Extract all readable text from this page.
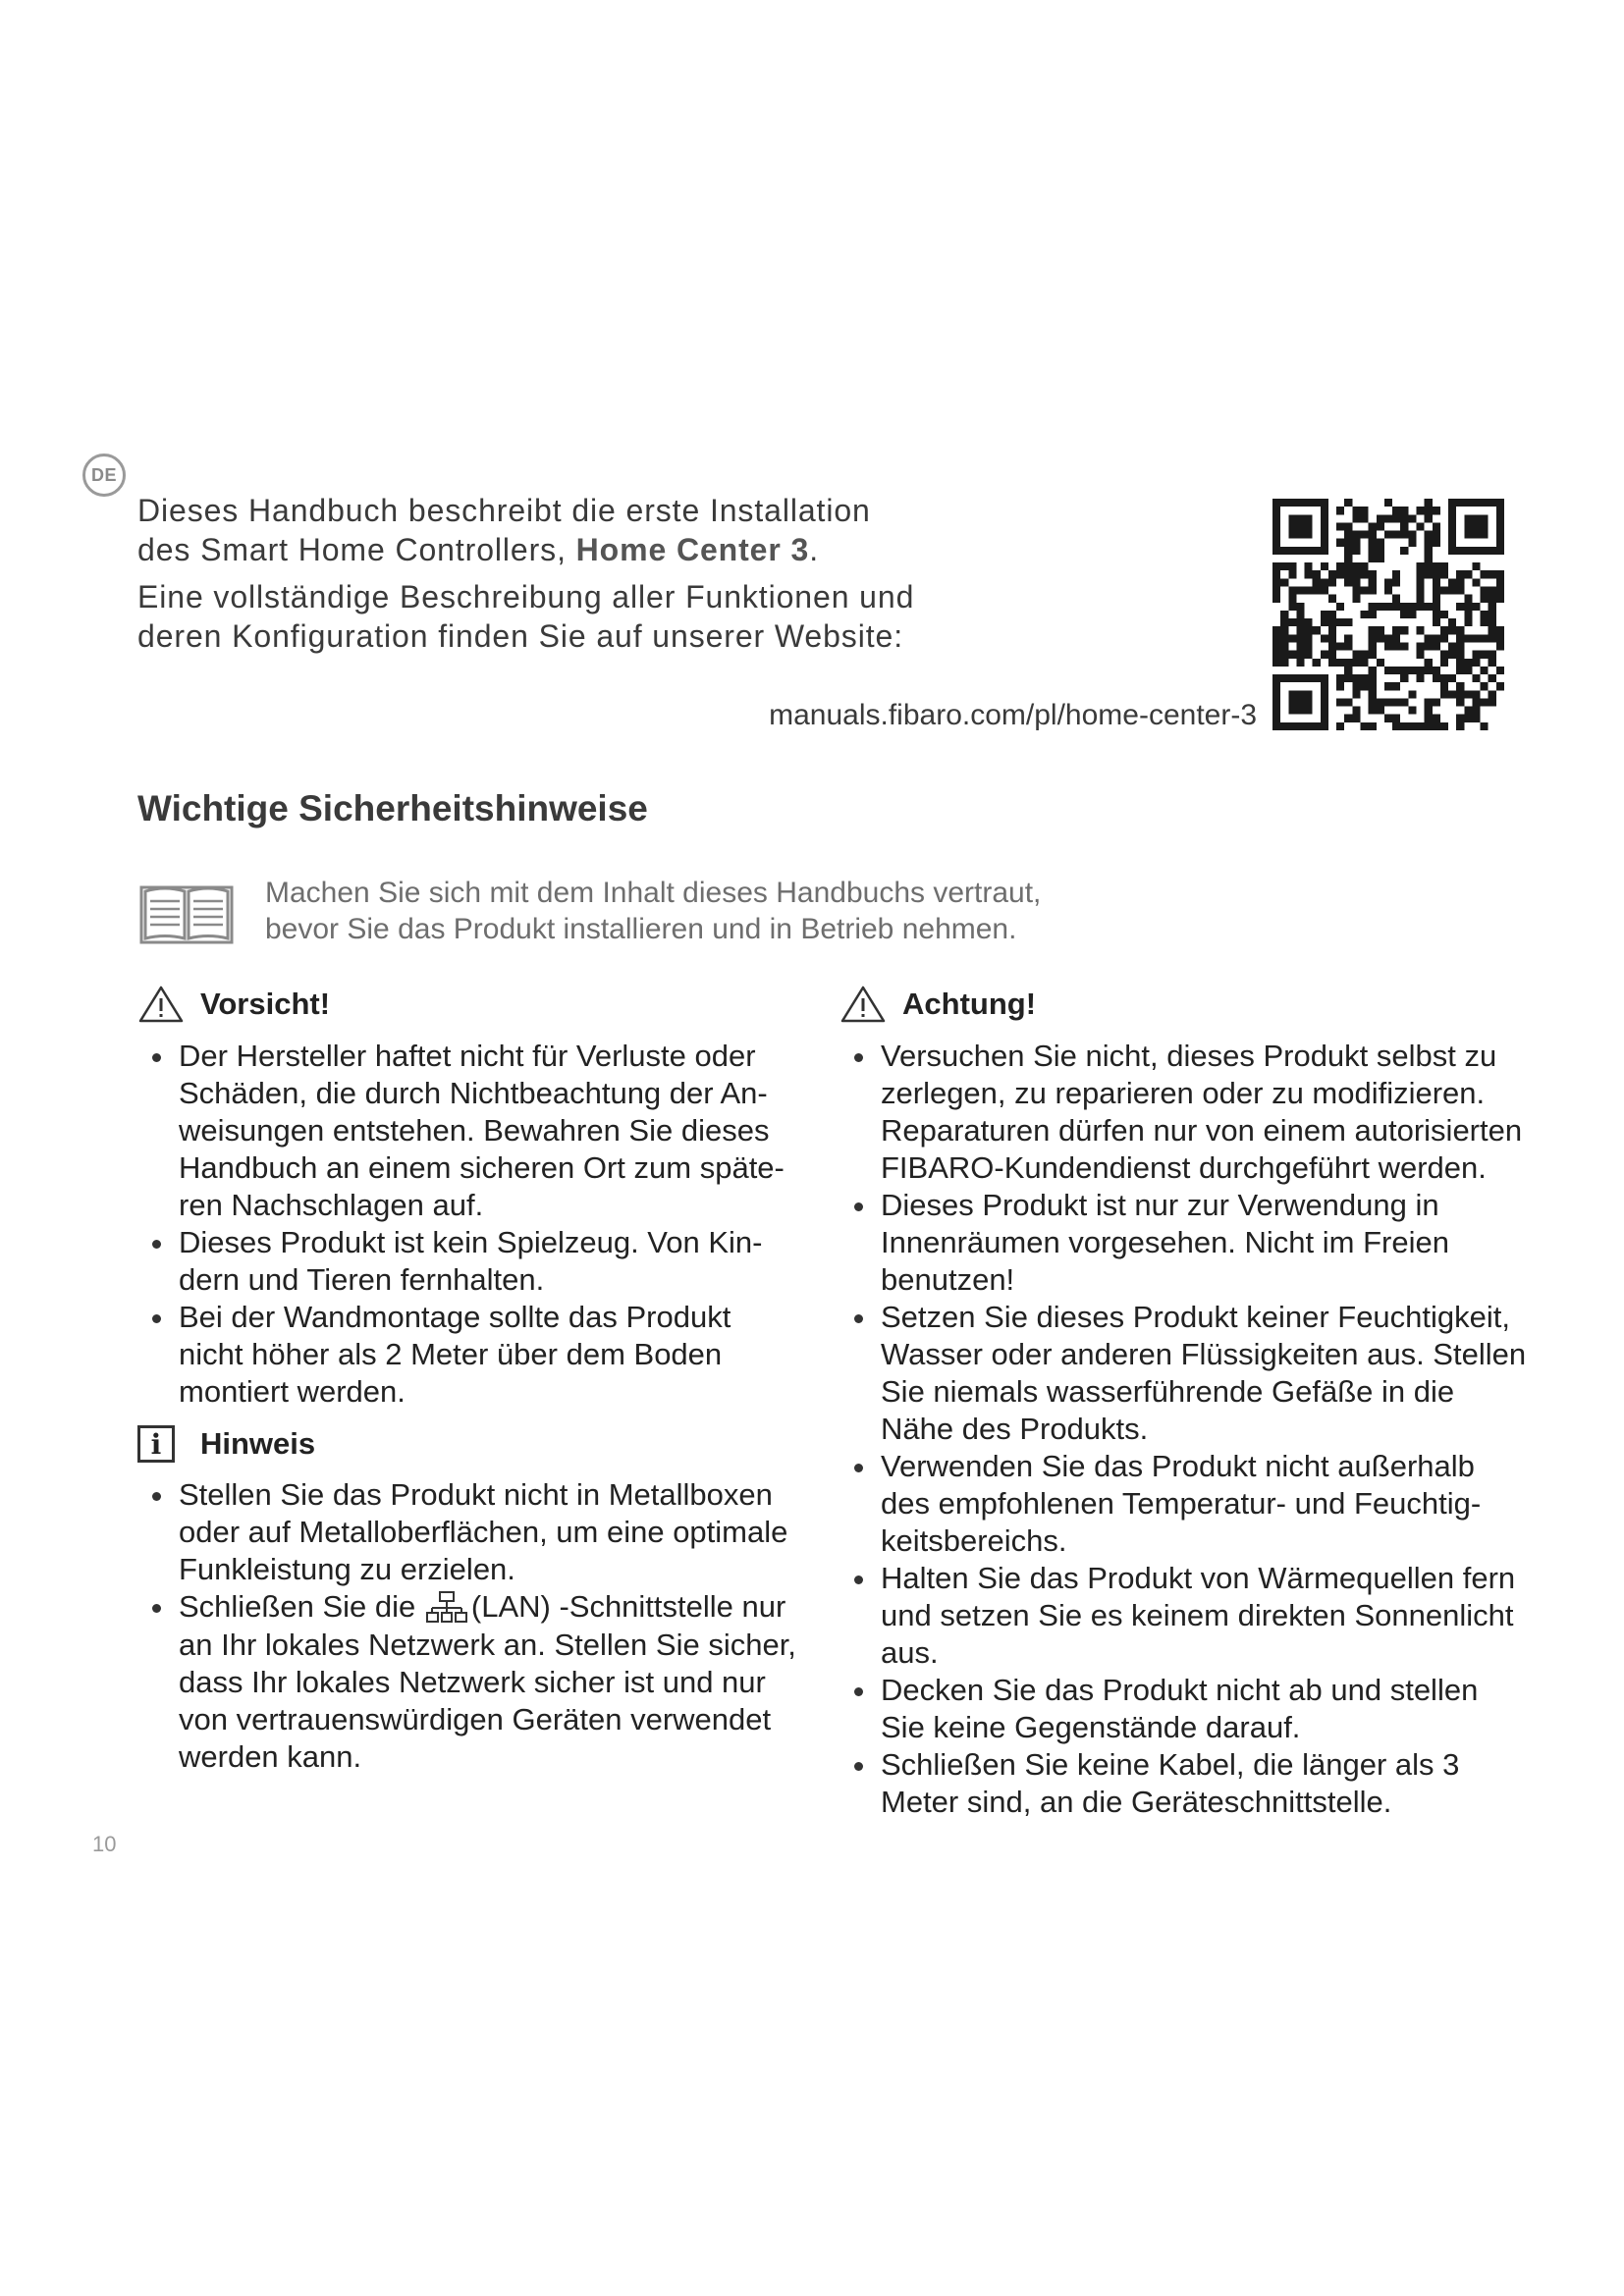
DE

Dieses Handbuch beschreibt die erste Installation
des Smart Home Controllers, Home Center 3.

Eine vollständige Beschreibung aller Funktionen und
deren Konfiguration finden Sie auf unserer Website:

manuals.fibaro.com/pl/home-center-3
Wichtige Sicherheitshinweise

Machen Sie sich mit dem Inhalt dieses Handbuchs vertraut,

bevor Sie das Produkt installieren und in Betrieb nehmen.

Vorsicht!
Der Hersteller haftet nicht für Verluste oder
Schäden, die durch Nichtbeachtung der An-
weisungen entstehen. Bewahren Sie dieses
Handbuch an einem sicheren Ort zum späte-
ren Nachschlagen auf.
Dieses Produkt ist kein Spielzeug. Von Kin-
dern und Tieren fernhalten.
Bei der Wandmontage sollte das Produkt
nicht höher als 2 Meter über dem Boden
montiert werden.
i	Hinweis
Stellen Sie das Produkt nicht in Metallboxen
oder auf Metalloberflächen, um eine optimale
Funkleistung zu erzielen.
Schließen Sie die (LAN) -Schnittstelle nur
an Ihr lokales Netzwerk an. Stellen Sie sicher,
dass Ihr lokales Netzwerk sicher ist und nur
von vertrauenswürdigen Geräten verwendet
werden kann.
Achtung!
Versuchen Sie nicht, dieses Produkt selbst zu
zerlegen, zu reparieren oder zu modifizieren.
Reparaturen dürfen nur von einem autorisierten
FIBARO-Kundendienst durchgeführt werden.
Dieses Produkt ist nur zur Verwendung in
Innenräumen vorgesehen. Nicht im Freien
benutzen!
Setzen Sie dieses Produkt keiner Feuchtigkeit,
Wasser oder anderen Flüssigkeiten aus. Stellen
Sie niemals wasserführende Gefäße in die
Nähe des Produkts.
Verwenden Sie das Produkt nicht außerhalb
des empfohlenen Temperatur- und Feuchtig-
keitsbereichs.
Halten Sie das Produkt von Wärmequellen fern
und setzen Sie es keinem direkten Sonnenlicht
aus.
Decken Sie das Produkt nicht ab und stellen
Sie keine Gegenstände darauf.
Schließen Sie keine Kabel, die länger als 3
Meter sind, an die Geräteschnittstelle.
10
